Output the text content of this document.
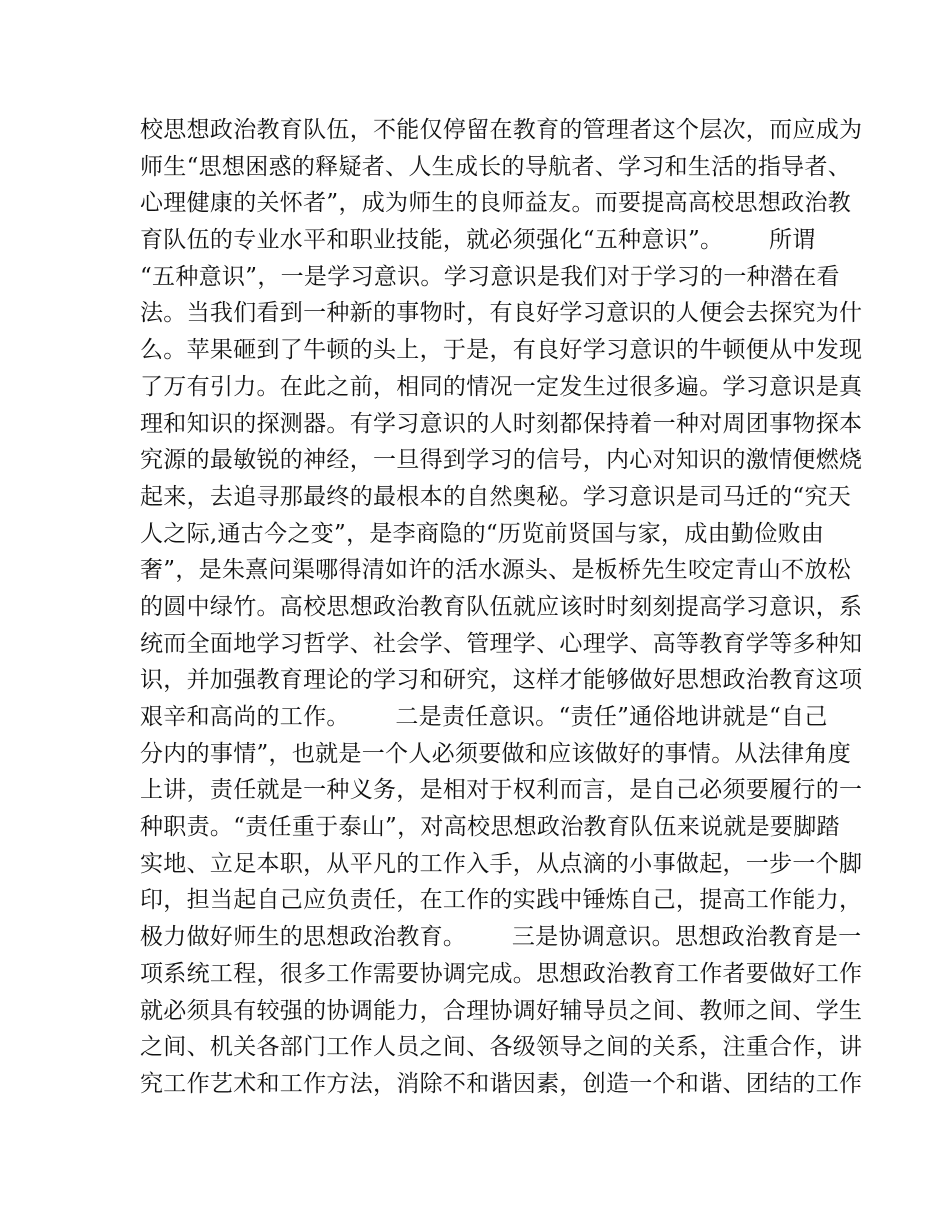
校思想政治教育队伍，不能仅停留在教育的管理者这个层次，而应成为
师生“思想困惑的释疑者、人生成长的导航者、学习和生活的指导者、
心理健康的关怀者”，成为师生的良师益友。而要提高高校思想政治教
育队伍的专业水平和职业技能，就必须强化“五种意识”。      所谓
“五种意识”，一是学习意识。学习意识是我们对于学习的一种潜在看
法。当我们看到一种新的事物时，有良好学习意识的人便会去探究为什
么。苹果砸到了牛顿的头上，于是，有良好学习意识的牛顿便从中发现
了万有引力。在此之前，相同的情况一定发生过很多遍。学习意识是真
理和知识的探测器。有学习意识的人时刻都保持着一种对周团事物探本
究源的最敏锐的神经，一旦得到学习的信号，内心对知识的激情便燃烧
起来，去追寻那最终的最根本的自然奥秘。学习意识是司马迁的“究天
人之际,通古今之变”，是李商隐的“历览前贤国与家，成由勤俭败由
奢”，是朱熹问渠哪得清如许的活水源头、是板桥先生咬定青山不放松
的圆中绿竹。高校思想政治教育队伍就应该时时刻刻提高学习意识，系
统而全面地学习哲学、社会学、管理学、心理学、高等教育学等多种知
识，并加强教育理论的学习和研究，这样才能够做好思想政治教育这项
艰辛和高尚的工作。      二是责任意识。“责任”通俗地讲就是“自己
分内的事情”，也就是一个人必须要做和应该做好的事情。从法律角度
上讲，责任就是一种义务，是相对于权利而言，是自己必须要履行的一
种职责。“责任重于泰山”，对高校思想政治教育队伍来说就是要脚踏
实地、立足本职，从平凡的工作入手，从点滴的小事做起，一步一个脚
印，担当起自己应负责任，在工作的实践中锤炼自己，提高工作能力，
极力做好师生的思想政治教育。      三是协调意识。思想政治教育是一
项系统工程，很多工作需要协调完成。思想政治教育工作者要做好工作
就必须具有较强的协调能力，合理协调好辅导员之间、教师之间、学生
之间、机关各部门工作人员之间、各级领导之间的关系，注重合作，讲
究工作艺术和工作方法，消除不和谐因素，创造一个和谐、团结的工作
